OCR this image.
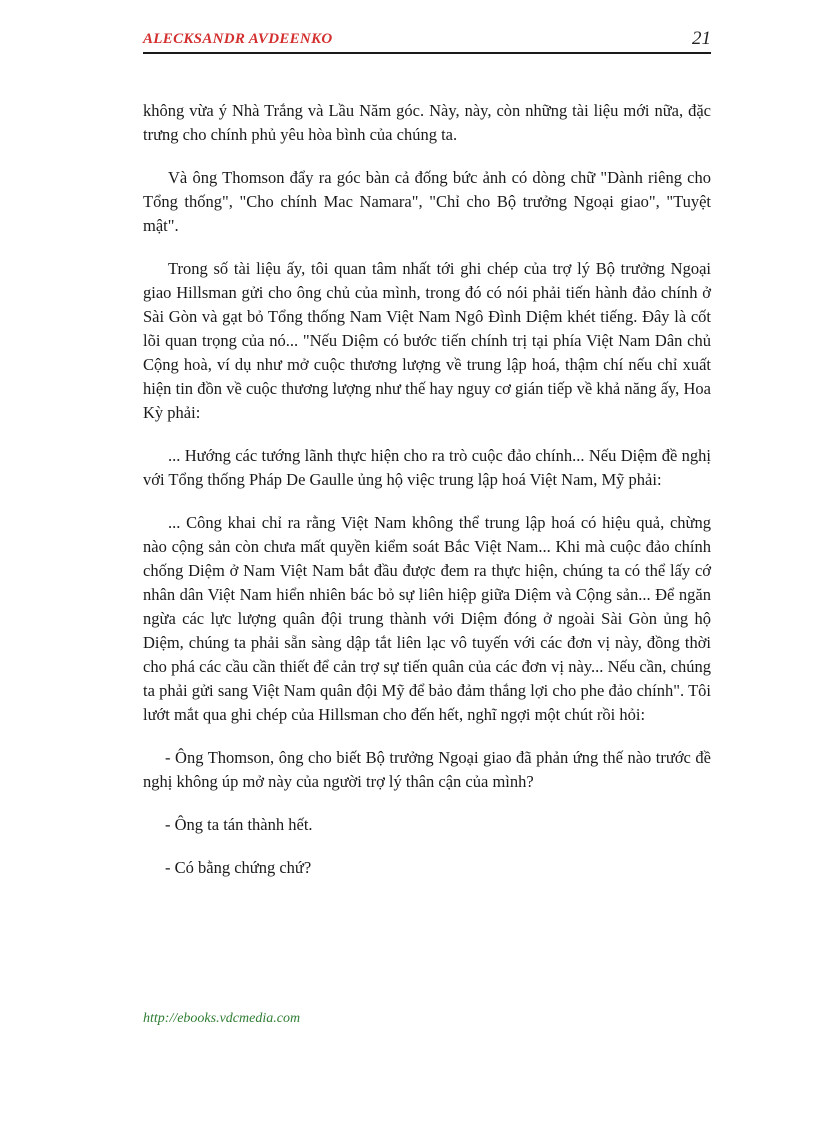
ALECKSANDR AVDEENKO	21

không vừa ý Nhà Trắng và Lầu Năm góc. Này, này, còn những tài liệu mới nữa, đặc trưng cho chính phủ yêu hòa bình của chúng ta.

Và ông Thomson đẩy ra góc bàn cả đống bức ảnh có dòng chữ "Dành riêng cho Tổng thống", "Cho chính Mac Namara", "Chỉ cho Bộ trưởng Ngoại giao", "Tuyệt mật".

Trong số tài liệu ấy, tôi quan tâm nhất tới ghi chép của trợ lý Bộ trưởng Ngoại giao Hillsman gửi cho ông chủ của mình, trong đó có nói phải tiến hành đảo chính ở Sài Gòn và gạt bỏ Tổng thống Nam Việt Nam Ngô Đình Diệm khét tiếng. Đây là cốt lõi quan trọng của nó... "Nếu Diệm có bước tiến chính trị tại phía Việt Nam Dân chủ Cộng hoà, ví dụ như mở cuộc thương lượng về trung lập hoá, thậm chí nếu chỉ xuất hiện tin đồn về cuộc thương lượng như thế hay nguy cơ gián tiếp về khả năng ấy, Hoa Kỳ phải:

... Hướng các tướng lãnh thực hiện cho ra trò cuộc đảo chính... Nếu Diệm đề nghị với Tổng thống Pháp De Gaulle ủng hộ việc trung lập hoá Việt Nam, Mỹ phải:

... Công khai chỉ ra rằng Việt Nam không thể trung lập hoá có hiệu quả, chừng nào cộng sản còn chưa mất quyền kiểm soát Bắc Việt Nam... Khi mà cuộc đảo chính chống Diệm ở Nam Việt Nam bắt đầu được đem ra thực hiện, chúng ta có thể lấy cớ nhân dân Việt Nam hiển nhiên bác bỏ sự liên hiệp giữa Diệm và Cộng sản... Để ngăn ngừa các lực lượng quân đội trung thành với Diệm đóng ở ngoài Sài Gòn ủng hộ Diệm, chúng ta phải sẵn sàng dập tắt liên lạc vô tuyến với các đơn vị này, đồng thời cho phá các cầu cần thiết để cản trợ sự tiến quân của các đơn vị này... Nếu cần, chúng ta phải gửi sang Việt Nam quân đội Mỹ để bảo đảm thắng lợi cho phe đảo chính". Tôi lướt mắt qua ghi chép của Hillsman cho đến hết, nghĩ ngợi một chút rồi hỏi:

- Ông Thomson, ông cho biết Bộ trưởng Ngoại giao đã phản ứng thế nào trước đề nghị không úp mở này của người trợ lý thân cận của mình?

- Ông ta tán thành hết.

- Có bằng chứng chứ?

http://ebooks.vdcmedia.com
